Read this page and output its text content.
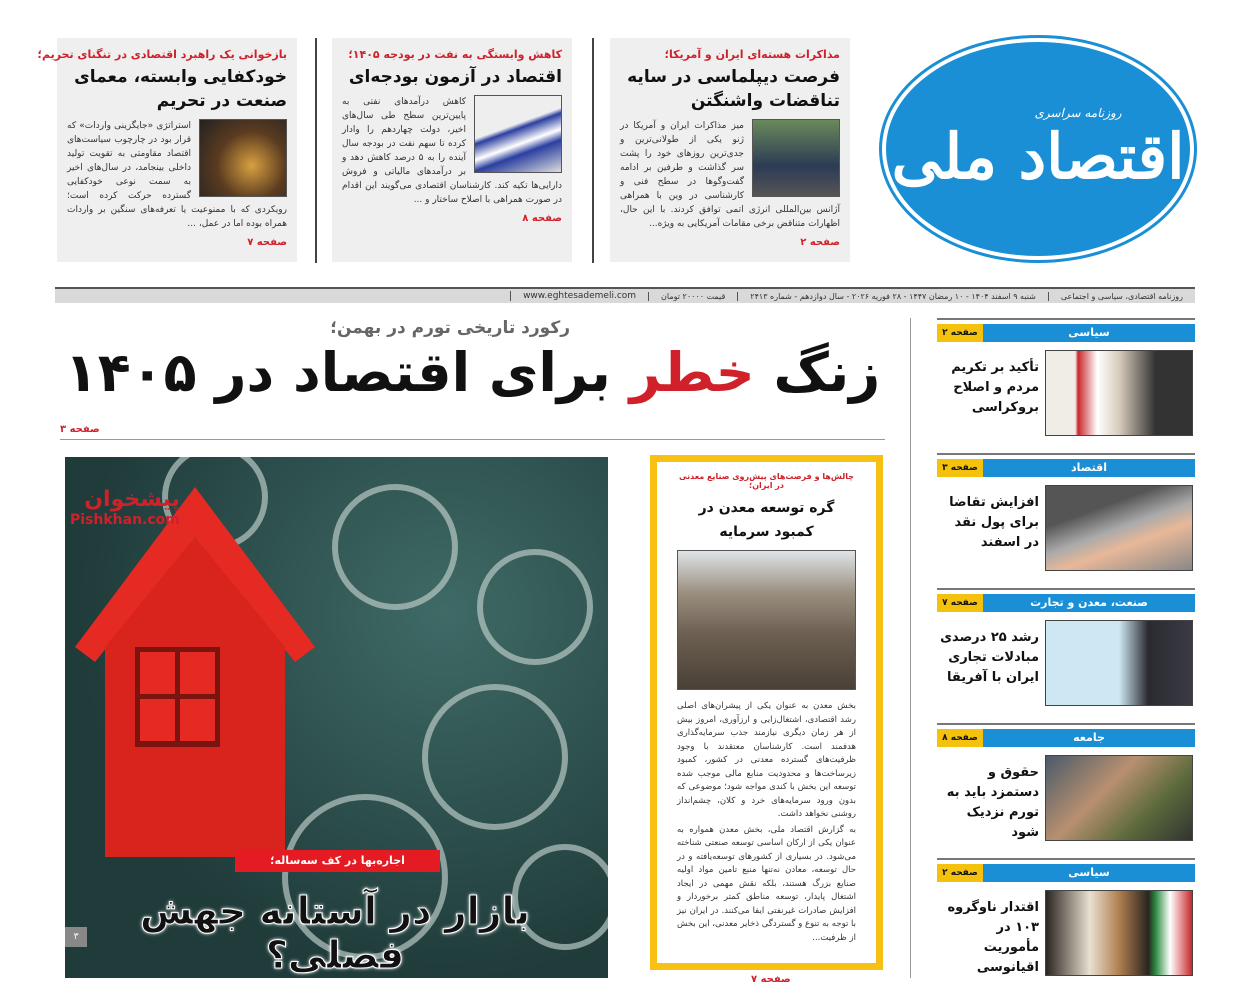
روزنامه سراسری
اقتصاد ملی
مذاکرات هسته‌ای ایران و آمریکا؛
فرصت دیپلماسی در سایه تناقضات واشنگتن
میز مذاکرات ایران و آمریکا در ژنو یکی از طولانی‌ترین و جدی‌ترین روزهای خود را پشت سر گذاشت و طرفین بر ادامه گفت‌وگوها در سطح فنی و کارشناسی در وین با همراهی آژانس بین‌المللی انرژی اتمی توافق کردند. با این حال، اظهارات متناقض برخی مقامات آمریکایی به ویژه...
صفحه ۲
کاهش وابستگی به نفت در بودجه ۱۴۰۵؛
اقتصاد در آزمون بودجه‌ای
کاهش درآمدهای نفتی به پایین‌ترین سطح طی سال‌های اخیر، دولت چهاردهم را وادار کرده تا سهم نفت در بودجه سال آینده را به ۵ درصد کاهش دهد و بر درآمدهای مالیاتی و فروش دارایی‌ها تکیه کند. کارشناسان اقتصادی می‌گویند این اقدام در صورت همراهی با اصلاح ساختار و ...
صفحه ۸
بازخوانی یک راهبرد اقتصادی در تنگنای تحریم؛
خودکفایی وابسته، معمای صنعت در تحریم
استراتژی «جایگزینی واردات» که قرار بود در چارچوب سیاست‌های اقتصاد مقاومتی به تقویت تولید داخلی بینجامد، در سال‌های اخیر به سمت نوعی خودکفایی گسترده حرکت کرده است؛ رویکردی که با ممنوعیت یا تعرفه‌های سنگین بر واردات همراه بوده اما در عمل، ...
صفحه ۷
روزنامه اقتصادی، سیاسی و اجتماعی
شنبه ۹ اسفند ۱۴۰۴ - ۱۰ رمضان ۱۴۴۷ - ۲۸ فوریه ۲۰۲۶ - سال دوازدهم - شماره ۲۴۱۳
قیمت ۲۰۰۰۰ تومان
www.eghtesademeli.com
رکورد تاریخی تورم در بهمن؛
زنگ خطر برای اقتصاد در ۱۴۰۵
صفحه ۳
پیشخوان
Pishkhan.com
اجاره‌بها در کف سه‌ساله؛
بازار در آستانه جهش فصلی؟
۳
چالش‌ها و فرصت‌های پیش‌روی صنایع معدنی در ایران؛
گره توسعه معدن در کمبود سرمایه
بخش معدن به عنوان یکی از پیشران‌های اصلی رشد اقتصادی، اشتغال‌زایی و ارزآوری، امروز بیش از هر زمان دیگری نیازمند جذب سرمایه‌گذاری هدفمند است. کارشناسان معتقدند با وجود ظرفیت‌های گسترده معدنی در کشور، کمبود زیرساخت‌ها و محدودیت منابع مالی موجب شده توسعه این بخش با کندی مواجه شود؛ موضوعی که بدون ورود سرمایه‌های خرد و کلان، چشم‌انداز روشنی نخواهد داشت.
به گزارش اقتصاد ملی، بخش معدن همواره به عنوان یکی از ارکان اساسی توسعه صنعتی شناخته می‌شود. در بسیاری از کشورهای توسعه‌یافته و در حال توسعه، معادن نه‌تنها منبع تامین مواد اولیه صنایع بزرگ هستند، بلکه نقش مهمی در ایجاد اشتغال پایدار، توسعه مناطق کمتر برخوردار و افزایش صادرات غیرنفتی ایفا می‌کنند. در ایران نیز با توجه به تنوع و گستردگی ذخایر معدنی، این بخش از ظرفیت...
صفحه ۷
سیاسی
صفحه ۲
تأکید بر تکریم مردم و اصلاح بروکراسی
اقتصاد
صفحه ۳
افزایش تقاضا برای پول نقد در اسفند
صنعت، معدن و تجارت
صفحه ۷
رشد ۲۵ درصدی مبادلات تجاری ایران با آفریقا
جامعه
صفحه ۸
حقوق و دستمزد باید به تورم نزدیک شود
سیاسی
صفحه ۲
اقتدار ناوگروه ۱۰۳ در مأموریت اقیانوسی
